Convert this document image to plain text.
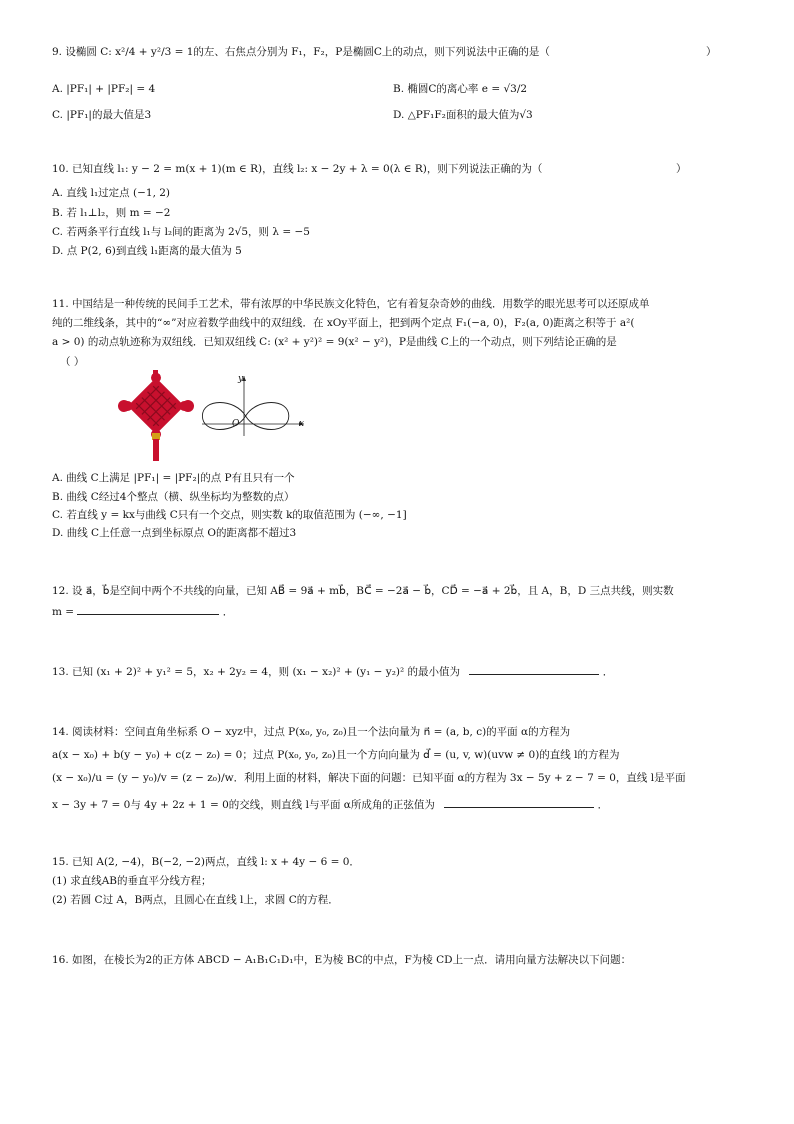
9. 设椭圆 C: x²/4 + y²/3 = 1的左、右焦点分别为 F₁，F₂，P是椭圆C上的动点，则下列说法中正确的是（	）
A. |PF₁| + |PF₂| = 4	B. 椭圆C的离心率 e = √3/2
C. |PF₁|的最大值是3	D. △PF₁F₂面积的最大值为√3
10. 已知直线 l₁: y − 2 = m(x + 1)(m ∈ R)，直线 l₂: x − 2y + λ = 0(λ ∈ R)，则下列说法正确的为（	）
A. 直线 l₁过定点 (−1, 2)
B. 若 l₁⊥l₂，则 m = −2
C. 若两条平行直线 l₁与 l₂间的距离为 2√5，则 λ = −5
D. 点 P(2, 6)到直线 l₁距离的最大值为 5
11. 中国结是一种传统的民间手工艺术，带有浓厚的中华民族文化特色，它有着复杂奇妙的曲线．用数学的眼光思考可以还原成单
纯的二维线条，其中的“∞”对应着数学曲线中的双纽线．在 xOy平面上，把到两个定点 F₁(−a, 0)，F₂(a, 0)距离之积等于 a²(
a > 0) 的动点轨迹称为双纽线．已知双纽线 C: (x² + y²)² = 9(x² − y²)，P是曲线 C上的一个动点，则下列结论正确的是
（ ）
y
x
O
A. 曲线 C上满足 |PF₁| = |PF₂|的点 P有且只有一个
B. 曲线 C经过4个整点（横、纵坐标均为整数的点）
C. 若直线 y = kx与曲线 C只有一个交点，则实数 k的取值范围为 (−∞, −1]
D. 曲线 C上任意一点到坐标原点 O的距离都不超过3
12. 设 a⃗，b⃗是空间中两个不共线的向量，已知 AB⃗ = 9a⃗ + mb⃗，BC⃗ = −2a⃗ − b⃗，CD⃗ = −a⃗ + 2b⃗，且 A，B，D 三点共线，则实数
m =	．
13. 已知 (x₁ + 2)² + y₁² = 5，x₂ + 2y₂ = 4，则 (x₁ − x₂)² + (y₁ − y₂)² 的最小值为	．
14. 阅读材料：空间直角坐标系 O − xyz中，过点 P(x₀, y₀, z₀)且一个法向量为 n⃗ = (a, b, c)的平面 α的方程为
a(x − x₀) + b(y − y₀) + c(z − z₀) = 0；过点 P(x₀, y₀, z₀)且一个方向向量为 d⃗ = (u, v, w)(uvw ≠ 0)的直线 l的方程为
(x − x₀)/u = (y − y₀)/v = (z − z₀)/w．利用上面的材料，解决下面的问题：已知平面 α的方程为 3x − 5y + z − 7 = 0，直线 l是平面
x − 3y + 7 = 0与 4y + 2z + 1 = 0的交线，则直线 l与平面 α所成角的正弦值为	．
15. 已知 A(2, −4)，B(−2, −2)两点，直线 l: x + 4y − 6 = 0．
(1) 求直线AB的垂直平分线方程；
(2) 若圆 C过 A，B两点，且圆心在直线 l上，求圆 C的方程．
16. 如图，在棱长为2的正方体 ABCD − A₁B₁C₁D₁中，E为棱 BC的中点，F为棱 CD上一点．请用向量方法解决以下问题：
